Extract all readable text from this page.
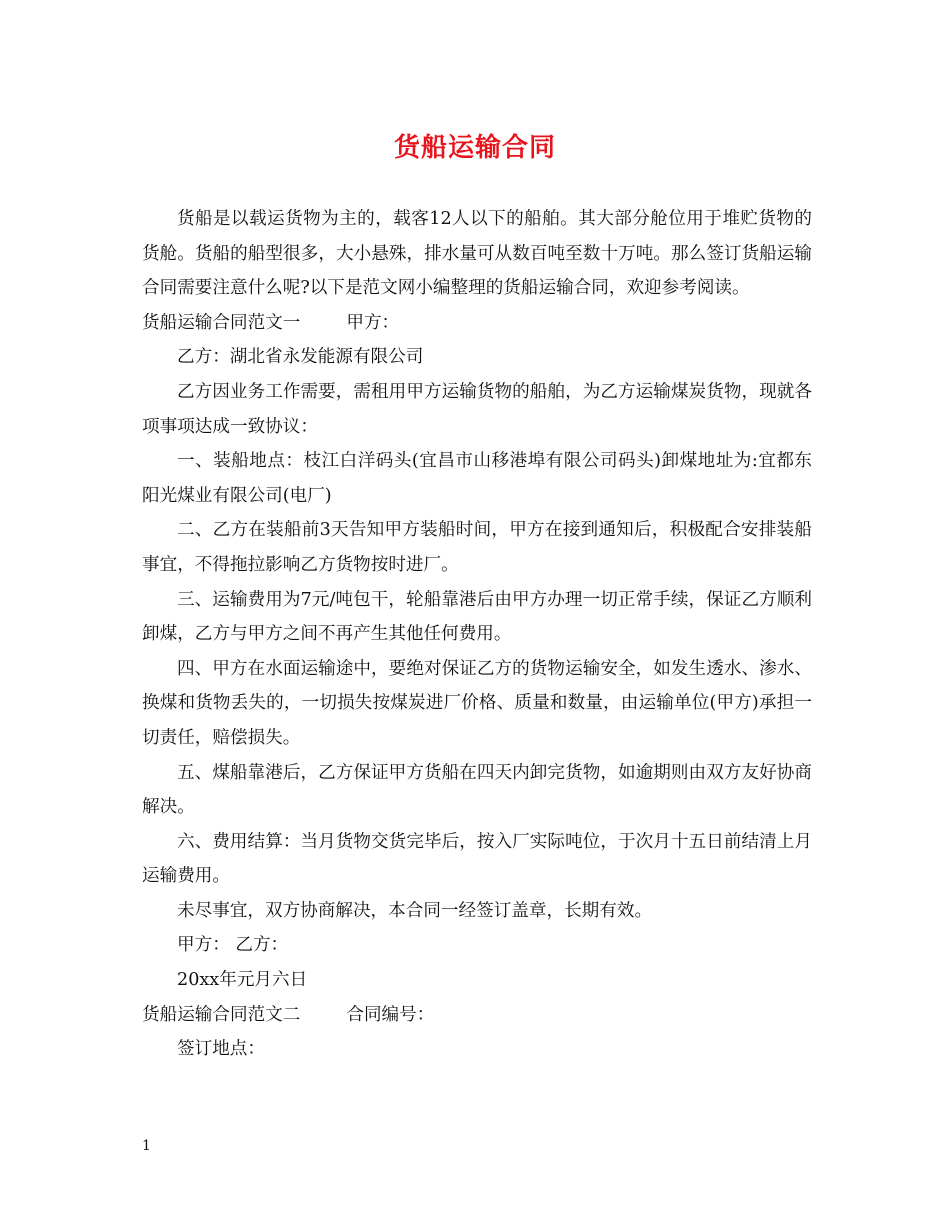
货船运输合同

货船是以载运货物为主的，载客12人以下的船舶。其大部分舱位用于堆贮货物的货舱。货船的船型很多，大小悬殊，排水量可从数百吨至数十万吨。那么签订货船运输合同需要注意什么呢?以下是范文网小编整理的货船运输合同，欢迎参考阅读。

货船运输合同范文一	甲方：

乙方：湖北省永发能源有限公司

乙方因业务工作需要，需租用甲方运输货物的船舶，为乙方运输煤炭货物，现就各项事项达成一致协议：

一、装船地点：枝江白洋码头(宜昌市山移港埠有限公司码头)卸煤地址为:宜都东阳光煤业有限公司(电厂)

二、乙方在装船前3天告知甲方装船时间，甲方在接到通知后，积极配合安排装船事宜，不得拖拉影响乙方货物按时进厂。

三、运输费用为7元/吨包干，轮船靠港后由甲方办理一切正常手续，保证乙方顺利卸煤，乙方与甲方之间不再产生其他任何费用。

四、甲方在水面运输途中，要绝对保证乙方的货物运输安全，如发生透水、渗水、换煤和货物丢失的，一切损失按煤炭进厂价格、质量和数量，由运输单位(甲方)承担一切责任，赔偿损失。

五、煤船靠港后，乙方保证甲方货船在四天内卸完货物，如逾期则由双方友好协商解决。

六、费用结算：当月货物交货完毕后，按入厂实际吨位，于次月十五日前结清上月运输费用。

未尽事宜，双方协商解决，本合同一经签订盖章，长期有效。

甲方： 乙方：

20xx年元月六日

货船运输合同范文二	合同编号：

签订地点：

1
